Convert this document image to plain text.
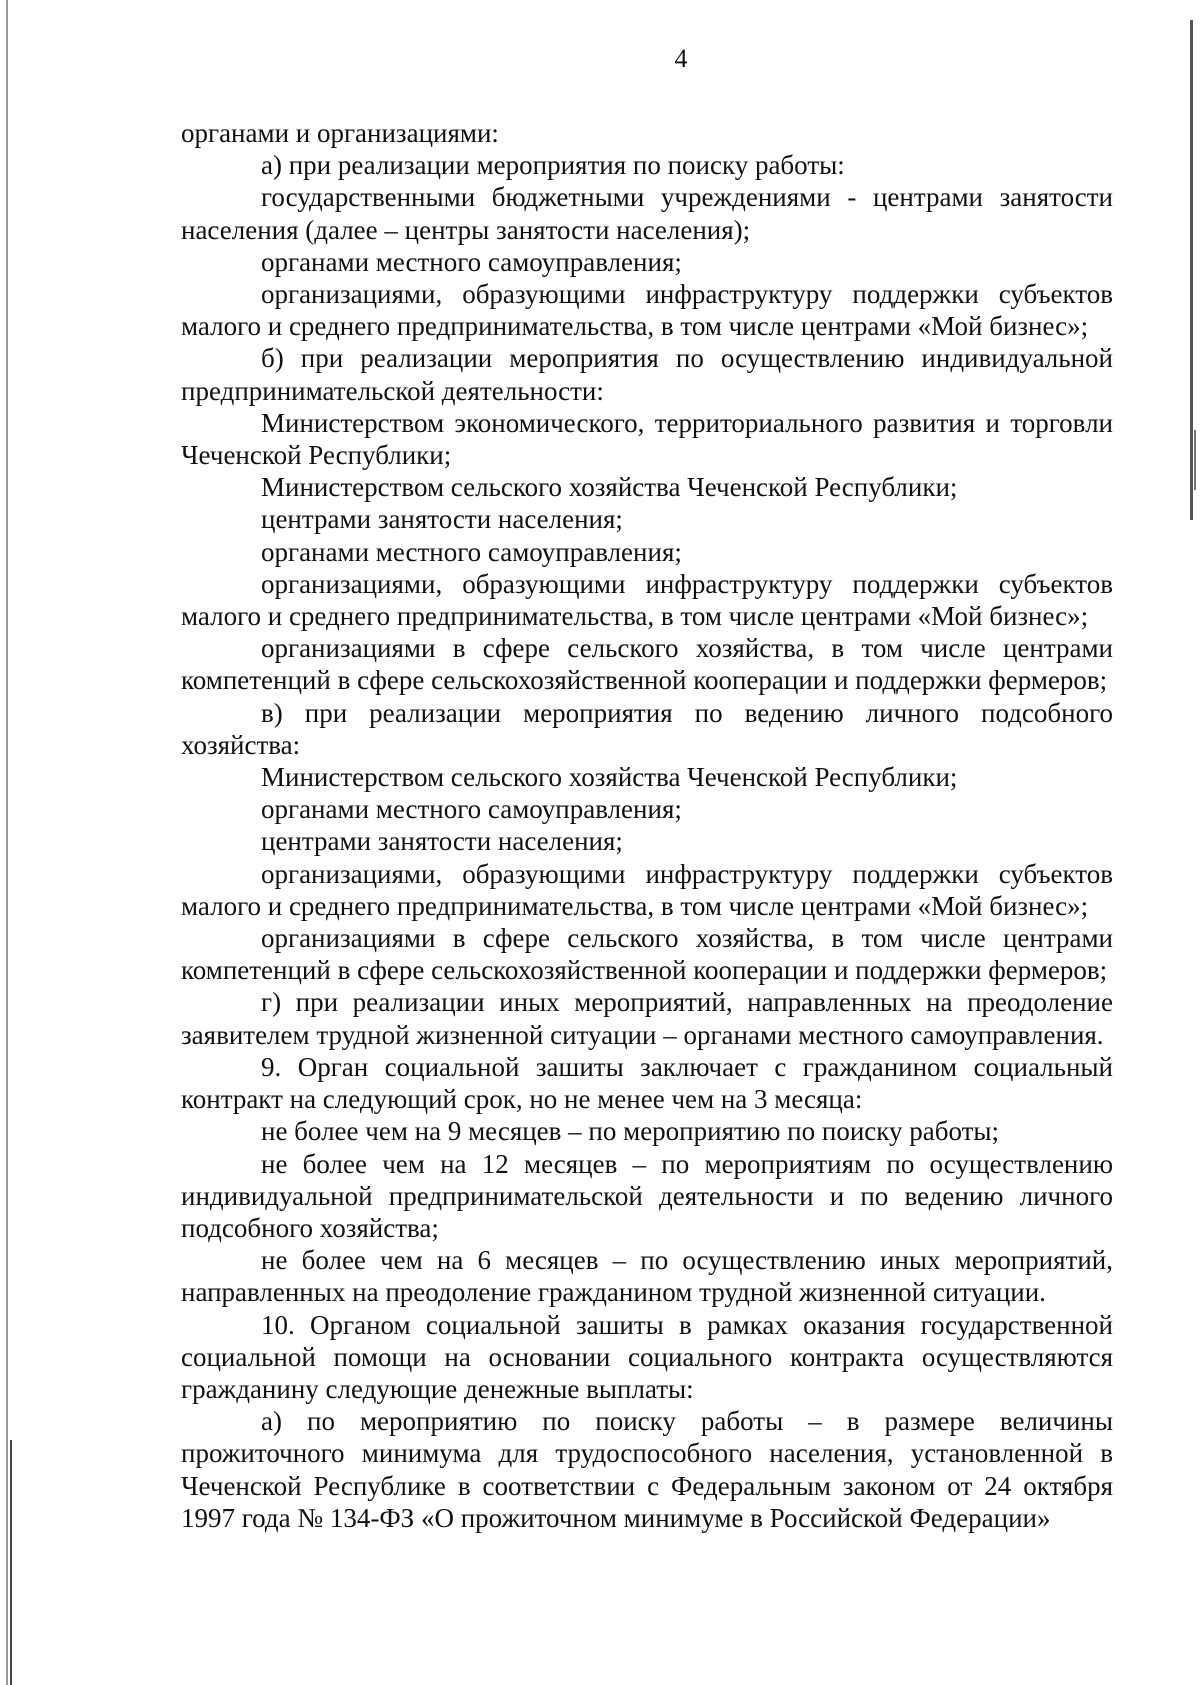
4

органами и организациями:

а) при реализации мероприятия по поиску работы:

государственными бюджетными учреждениями - центрами занятости населения (далее – центры занятости населения);

органами местного самоуправления;

организациями, образующими инфраструктуру поддержки субъектов малого и среднего предпринимательства, в том числе центрами «Мой бизнес»;

б) при реализации мероприятия по осуществлению индивидуальной предпринимательской деятельности:

Министерством экономического, территориального развития и торговли Чеченской Республики;

Министерством сельского хозяйства Чеченской Республики;

центрами занятости населения;

органами местного самоуправления;

организациями, образующими инфраструктуру поддержки субъектов малого и среднего предпринимательства, в том числе центрами «Мой бизнес»;

организациями в сфере сельского хозяйства, в том числе центрами компетенций в сфере сельскохозяйственной кооперации и поддержки фермеров;

в) при реализации мероприятия по ведению личного подсобного хозяйства:

Министерством сельского хозяйства Чеченской Республики;

органами местного самоуправления;

центрами занятости населения;

организациями, образующими инфраструктуру поддержки субъектов малого и среднего предпринимательства, в том числе центрами «Мой бизнес»;

организациями в сфере сельского хозяйства, в том числе центрами компетенций в сфере сельскохозяйственной кооперации и поддержки фермеров;

г) при реализации иных мероприятий, направленных на преодоление заявителем трудной жизненной ситуации – органами местного самоуправления.

9. Орган социальной зашиты заключает с гражданином социальный контракт на следующий срок, но не менее чем на 3 месяца:

не более чем на 9 месяцев – по мероприятию по поиску работы;

не более чем на 12 месяцев – по мероприятиям по осуществлению индивидуальной предпринимательской деятельности и по ведению личного подсобного хозяйства;

не более чем на 6 месяцев – по осуществлению иных мероприятий, направленных на преодоление гражданином трудной жизненной ситуации.

10. Органом социальной зашиты в рамках оказания государственной социальной помощи на основании социального контракта осуществляются гражданину следующие денежные выплаты:

а) по мероприятию по поиску работы – в размере величины прожиточного минимума для трудоспособного населения, установленной в Чеченской Республике в соответствии с Федеральным законом от 24 октября 1997 года № 134-ФЗ «О прожиточном минимуме в Российской Федерации»
